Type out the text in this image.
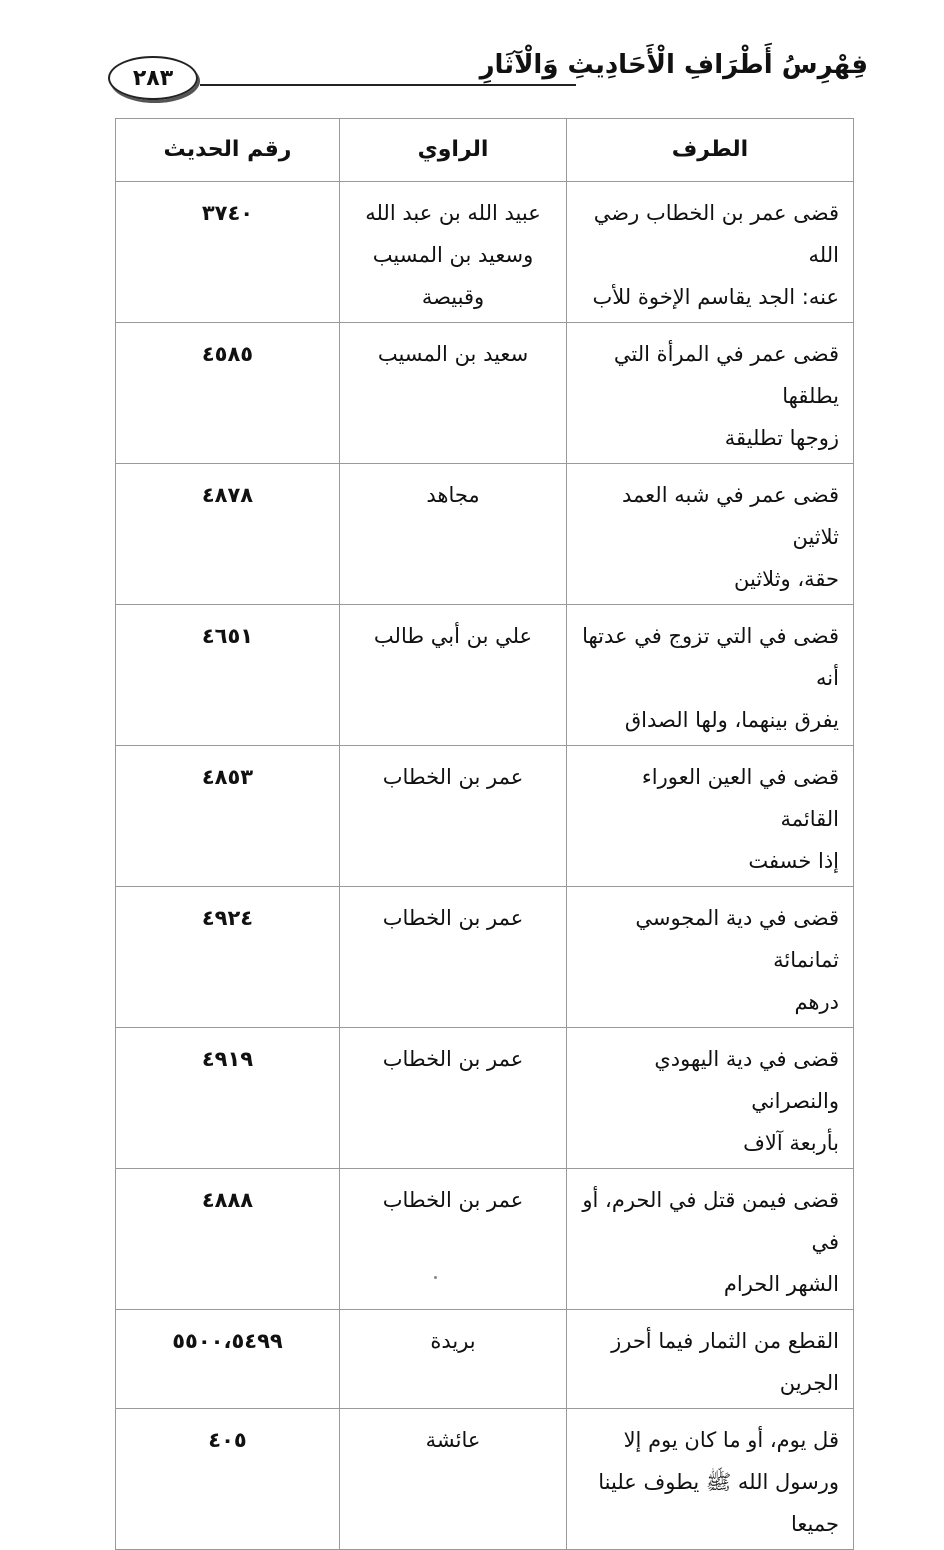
فِهْرِسُ أَطْرَافِ الْأَحَادِيثِ وَالْآثَارِ
٢٨٣
الطرف	الراوي	رقم الحديث

قضى عمر بن الخطاب رضي الله
عنه: الجد يقاسم الإخوة للأب	عبيد الله بن عبد الله
وسعيد بن المسيب
وقبيصة	٣٧٤٠

قضى عمر في المرأة التي يطلقها
زوجها تطليقة	سعيد بن المسيب	٤٥٨٥

قضى عمر في شبه العمد ثلاثين
حقة، وثلاثين	مجاهد	٤٨٧٨

قضى في التي تزوج في عدتها أنه
يفرق بينهما، ولها الصداق	علي بن أبي طالب	٤٦٥١

قضى في العين العوراء القائمة
إذا خسفت	عمر بن الخطاب	٤٨٥٣

قضى في دية المجوسي ثمانمائة
درهم	عمر بن الخطاب	٤٩٢٤

قضى في دية اليهودي والنصراني
بأربعة آلاف	عمر بن الخطاب	٤٩١٩

قضى فيمن قتل في الحرم، أو في
الشهر الحرام	عمر بن الخطاب	٤٨٨٨

القطع من الثمار فيما أحرز
الجرين	بريدة	٥٥٠٠،٥٤٩٩

قل يوم، أو ما كان يوم إلا
ورسول الله ﷺ يطوف علينا
جميعا	عائشة	٤٠٥
